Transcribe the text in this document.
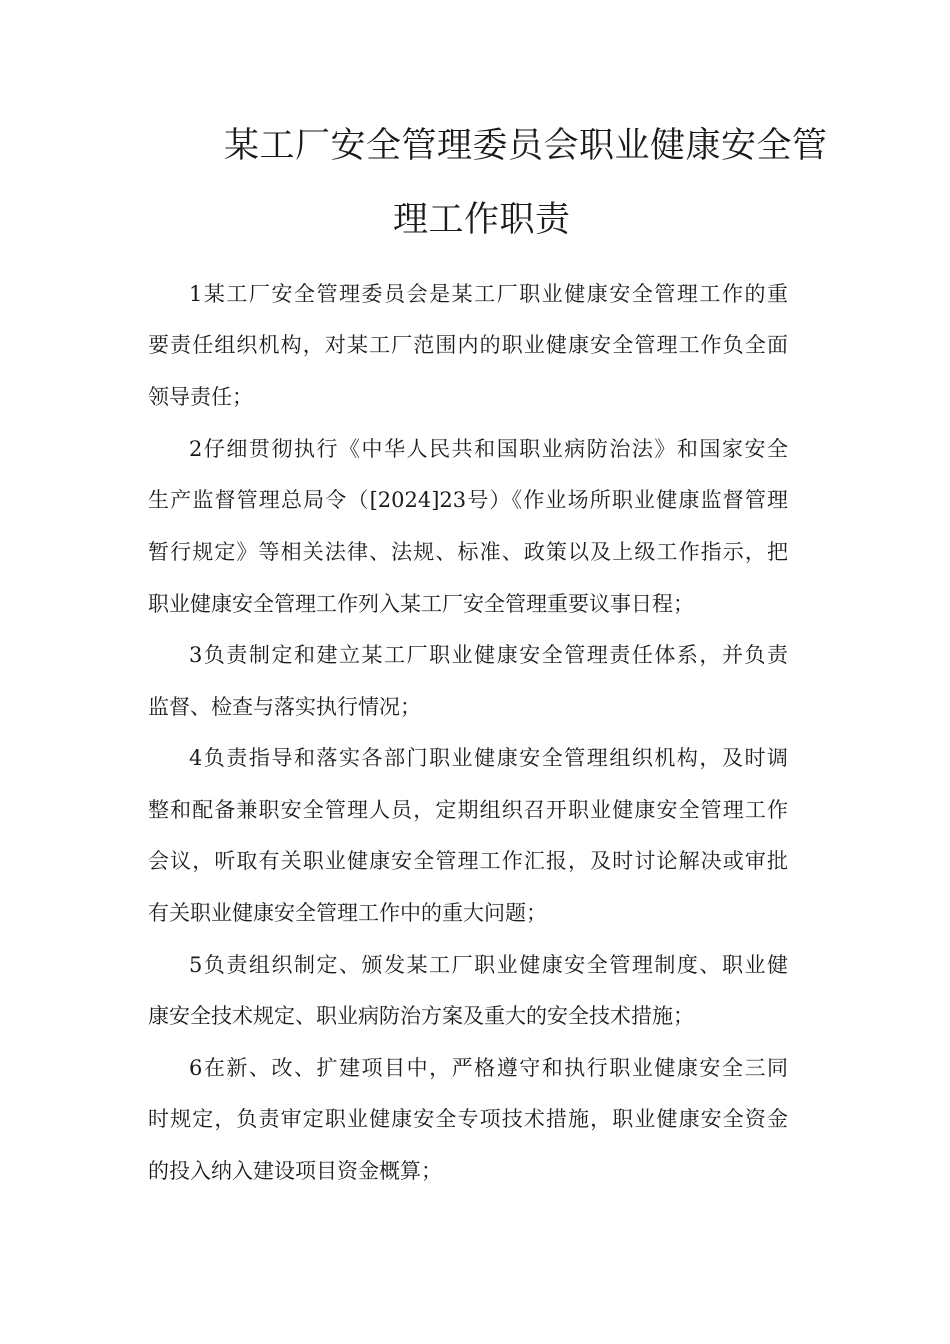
某工厂安全管理委员会职业健康安全管
理工作职责
1某工厂安全管理委员会是某工厂职业健康安全管理工作的重
要责任组织机构，对某工厂范围内的职业健康安全管理工作负全面
领导责任；
2仔细贯彻执行《中华人民共和国职业病防治法》和国家安全
生产监督管理总局令（[2024]23号）《作业场所职业健康监督管理
暂行规定》等相关法律、法规、标准、政策以及上级工作指示，把
职业健康安全管理工作列入某工厂安全管理重要议事日程；
3负责制定和建立某工厂职业健康安全管理责任体系，并负责
监督、检查与落实执行情况；
4负责指导和落实各部门职业健康安全管理组织机构，及时调
整和配备兼职安全管理人员，定期组织召开职业健康安全管理工作
会议，听取有关职业健康安全管理工作汇报，及时讨论解决或审批
有关职业健康安全管理工作中的重大问题；
5负责组织制定、颁发某工厂职业健康安全管理制度、职业健
康安全技术规定、职业病防治方案及重大的安全技术措施；
6在新、改、扩建项目中，严格遵守和执行职业健康安全三同
时规定，负责审定职业健康安全专项技术措施，职业健康安全资金
的投入纳入建设项目资金概算；
